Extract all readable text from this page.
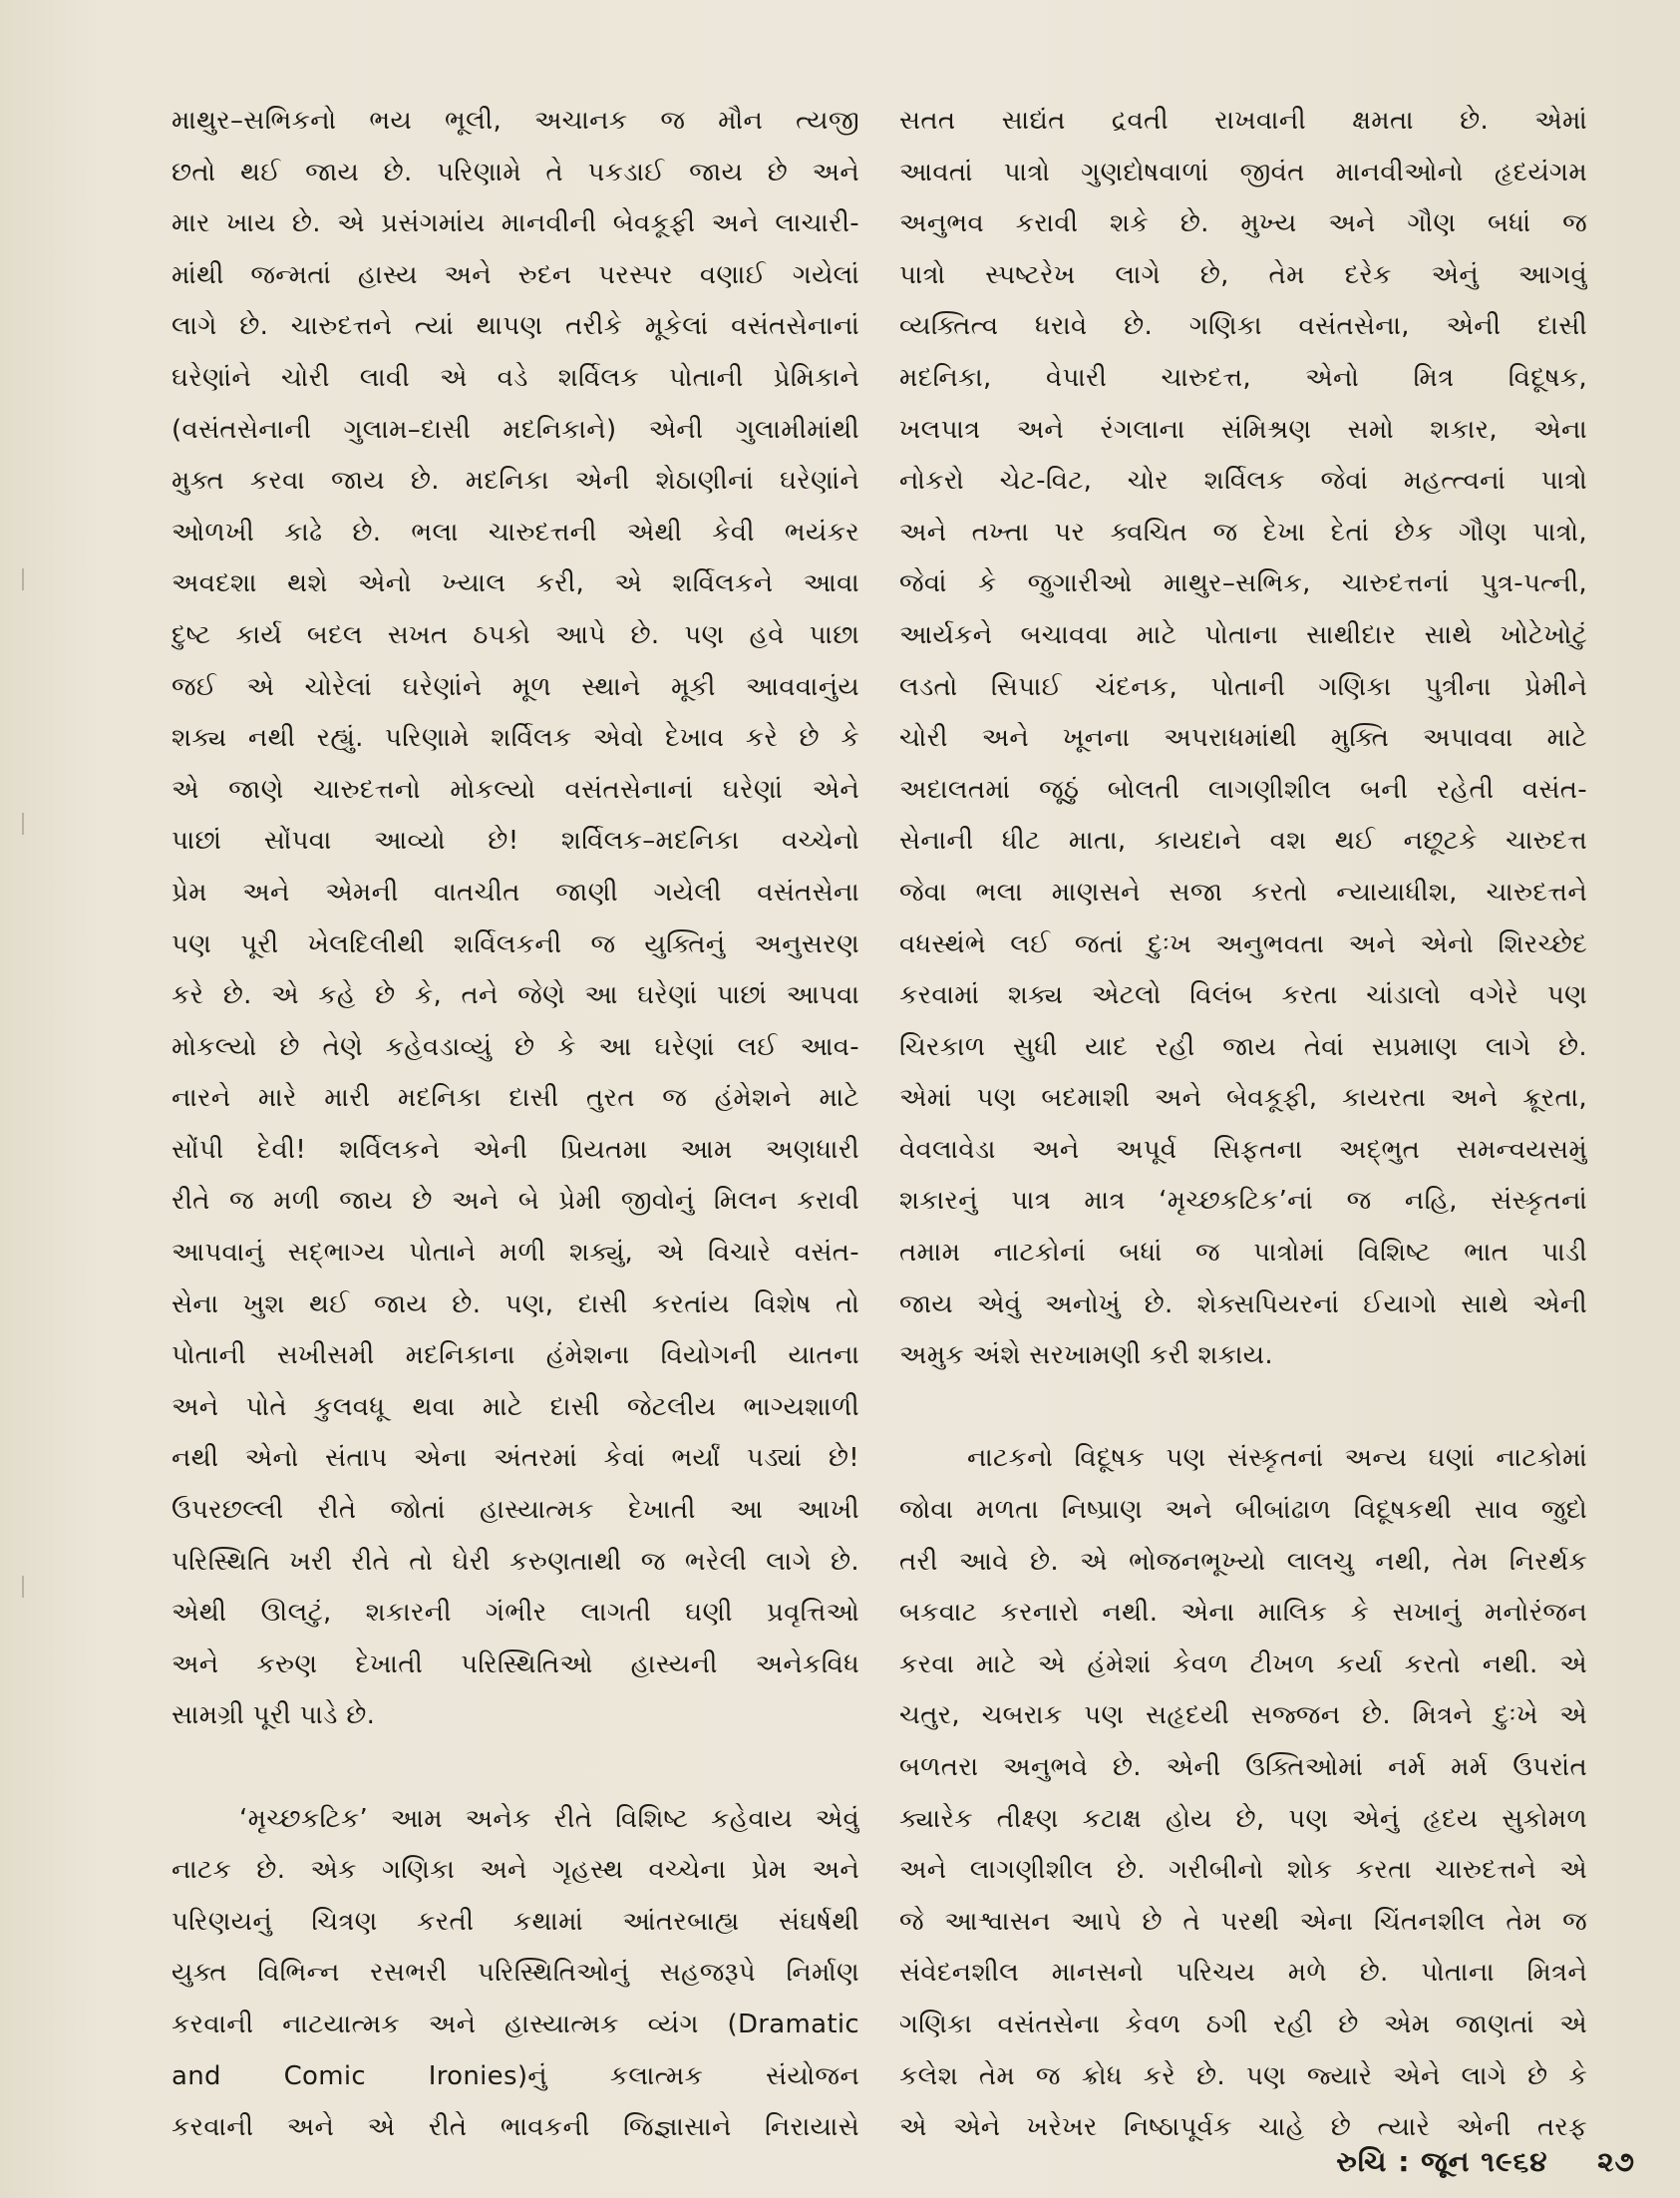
માથુર–સભિકનો ભય ભૂલી, અચાનક જ મૌન ત્યજી
છતો થઈ જાય છે. પરિણામે તે પકડાઈ જાય છે અને
માર ખાય છે. એ પ્રસંગમાંય માનવીની બેવકૂફી અને લાચારી-
માંથી જન્મતાં હાસ્ય અને રુદન પરસ્પર વણાઈ ગયેલાં
લાગે છે. ચારુદત્તને ત્યાં થાપણ તરીકે મૂકેલાં વસંતસેનાનાં
ઘરેણાંને ચોરી લાવી એ વડે શર્વિલક પોતાની પ્રેમિકાને
(વસંતસેનાની ગુલામ–દાસી મદનિકાને) એની ગુલામીમાંથી
મુક્ત કરવા જાય છે. મદનિકા એની શેઠાણીનાં ઘરેણાંને
ઓળખી કાઢે છે. ભલા ચારુદત્તની એથી કેવી ભયંકર
અવદશા થશે એનો ખ્યાલ કરી, એ શર્વિલકને આવા
દુષ્ટ કાર્ય બદલ સખત ઠપકો આપે છે. પણ હવે પાછા
જઈ એ ચોરેલાં ઘરેણાંને મૂળ સ્થાને મૂકી આવવાનુંય
શક્ય નથી રહ્યું. પરિણામે શર્વિલક એવો દેખાવ કરે છે કે
એ જાણે ચારુદત્તનો મોકલ્યો વસંતસેનાનાં ઘરેણાં એને
પાછાં સોંપવા આવ્યો છે! શર્વિલક–મદનિકા વચ્ચેનો
પ્રેમ અને એમની વાતચીત જાણી ગયેલી વસંતસેના
પણ પૂરી ખેલદિલીથી શર્વિલકની જ યુક્તિનું અનુસરણ
કરે છે. એ કહે છે કે, તને જેણે આ ઘરેણાં પાછાં આપવા
મોકલ્યો છે તેણે કહેવડાવ્યું છે કે આ ઘરેણાં લઈ આવ-
નારને મારે મારી મદનિકા દાસી તુરત જ હંમેશને માટે
સોંપી દેવી! શર્વિલકને એની પ્રિયતમા આમ અણધારી
રીતે જ મળી જાય છે અને બે પ્રેમી જીવોનું મિલન કરાવી
આપવાનું સદ્ભાગ્ય પોતાને મળી શક્યું, એ વિચારે વસંત-
સેના ખુશ થઈ જાય છે. પણ, દાસી કરતાંય વિશેષ તો
પોતાની સખીસમી મદનિકાના હંમેશના વિયોગની યાતના
અને પોતે કુલવધૂ થવા માટે દાસી જેટલીય ભાગ્યશાળી
નથી એનો સંતાપ એના અંતરમાં કેવાં ભર્યાં પડ્યાં છે!
ઉપરછલ્લી રીતે જોતાં હાસ્યાત્મક દેખાતી આ આખી
પરિસ્થિતિ ખરી રીતે તો ઘેરી કરુણતાથી જ ભરેલી લાગે છે.
એથી ઊલટું, શકારની ગંભીર લાગતી ઘણી પ્રવૃત્તિઓ
અને કરુણ દેખાતી પરિસ્થિતિઓ હાસ્યની અનેકવિધ
સામગ્રી પૂરી પાડે છે.
‘મૃચ્છકટિક’ આમ અનેક રીતે વિશિષ્ટ કહેવાય એવું
નાટક છે. એક ગણિકા અને ગૃહસ્થ વચ્ચેના પ્રેમ અને
પરિણયનું ચિત્રણ કરતી કથામાં આંતરબાહ્ય સંઘર્ષથી
યુક્ત વિભિન્ન રસભરી પરિસ્થિતિઓનું સહજરૂપે નિર્માણ
કરવાની નાટયાત્મક અને હાસ્યાત્મક વ્યંગ (Dramatic
and Comic Ironies)નું કલાત્મક સંયોજન
કરવાની અને એ રીતે ભાવકની જિજ્ઞાસાને નિરાયાસે
સતત સાદ્યંત દ્રવતી રાખવાની ક્ષમતા છે. એમાં
આવતાં પાત્રો ગુણદોષવાળાં જીવંત માનવીઓનો હૃદયંગમ
અનુભવ કરાવી શકે છે. મુખ્ય અને ગૌણ બધાં જ
પાત્રો સ્પષ્ટરેખ લાગે છે, તેમ દરેક એનું આગવું
વ્યક્તિત્વ ધરાવે છે. ગણિકા વસંતસેના, એની દાસી
મદનિકા, વેપારી ચારુદત્ત, એનો મિત્ર વિદૂષક,
ખલપાત્ર અને રંગલાના સંમિશ્રણ સમો શકાર, એના
નોકરો ચેટ-વિટ, ચોર શર્વિલક જેવાં મહત્ત્વનાં પાત્રો
અને તખ્તા પર ક્વચિત જ દેખા દેતાં છેક ગૌણ પાત્રો,
જેવાં કે જુગારીઓ માથુર–સભિક, ચારુદત્તનાં પુત્ર-પત્ની,
આર્યકને બચાવવા માટે પોતાના સાથીદાર સાથે ખોટેખોટું
લડતો સિપાઈ ચંદનક, પોતાની ગણિકા પુત્રીના પ્રેમીને
ચોરી અને ખૂનના અપરાધમાંથી મુક્તિ અપાવવા માટે
અદાલતમાં જૂઠું બોલતી લાગણીશીલ બની રહેતી વસંત-
સેનાની ધીટ માતા, કાયદાને વશ થઈ નછૂટકે ચારુદત્ત
જેવા ભલા માણસને સજા કરતો ન્યાયાધીશ, ચારુદત્તને
વધસ્થંભે લઈ જતાં દુઃખ અનુભવતા અને એનો શિરચ્છેદ
કરવામાં શક્ય એટલો વિલંબ કરતા ચાંડાલો વગેરે પણ
ચિરકાળ સુધી યાદ રહી જાય તેવાં સપ્રમાણ લાગે છે.
એમાં પણ બદમાશી અને બેવકૂફી, કાયરતા અને ક્રૂરતા,
વેવલાવેડા અને અપૂર્વ સિફતના અદ્ભુત સમન્વયસમું
શકારનું પાત્ર માત્ર ‘મૃચ્છકટિક’નાં જ નહિ, સંસ્કૃતનાં
તમામ નાટકોનાં બધાં જ પાત્રોમાં વિશિષ્ટ ભાત પાડી
જાય એવું અનોખું છે. શેક્સપિયરનાં ઈયાગો સાથે એની
અમુક અંશે સરખામણી કરી શકાય.
નાટકનો વિદૂષક પણ સંસ્કૃતનાં અન્ય ઘણાં નાટકોમાં
જોવા મળતા નિષ્પ્રાણ અને બીબાંઢાળ વિદૂષકથી સાવ જુદો
તરી આવે છે. એ ભોજનભૂખ્યો લાલચુ નથી, તેમ નિરર્થક
બકવાટ કરનારો નથી. એના માલિક કે સખાનું મનોરંજન
કરવા માટે એ હંમેશાં કેવળ ટીખળ કર્યા કરતો નથી. એ
ચતુર, ચબરાક પણ સહૃદયી સજ્જન છે. મિત્રને દુઃખે એ
બળતરા અનુભવે છે. એની ઉક્તિઓમાં નર્મ મર્મ ઉપરાંત
ક્યારેક તીક્ષ્ણ કટાક્ષ હોય છે, પણ એનું હૃદય સુકોમળ
અને લાગણીશીલ છે. ગરીબીનો શોક કરતા ચારુદત્તને એ
જે આશ્વાસન આપે છે તે પરથી એના ચિંતનશીલ તેમ જ
સંવેદનશીલ માનસનો પરિચય મળે છે. પોતાના મિત્રને
ગણિકા વસંતસેના કેવળ ઠગી રહી છે એમ જાણતાં એ
કલેશ તેમ જ ક્રોધ કરે છે. પણ જ્યારે એને લાગે છે કે
એ એને ખરેખર નિષ્ઠાપૂર્વક ચાહે છે ત્યારે એની તરફ
રુચિ : જૂન ૧૯૬૪ ૨૭
